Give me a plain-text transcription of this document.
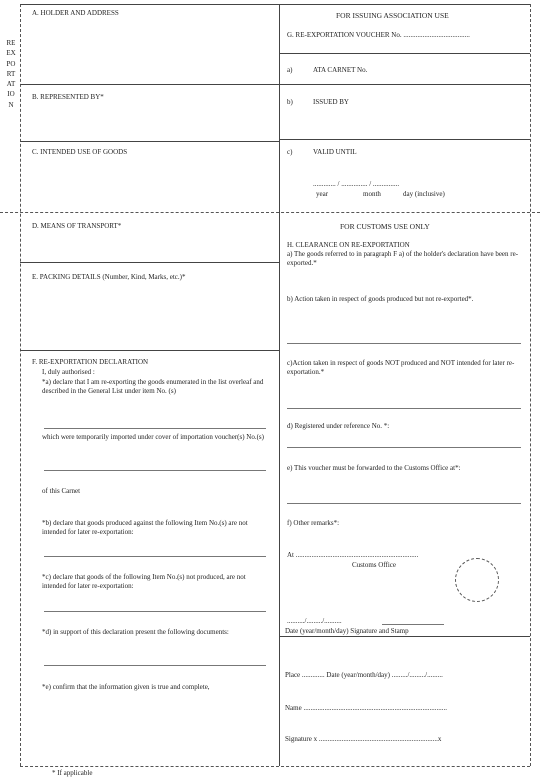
REEXPORTATION
A. HOLDER AND ADDRESS
B. REPRESENTED BY*
C. INTENDED USE OF GOODS
D. MEANS OF TRANSPORT*
E. PACKING DETAILS (Number, Kind, Marks, etc.)*
F. RE-EXPORTATION DECLARATION
I, duly authorised :
*a) declare that I am re-exporting the goods enumerated in the list overleaf and described in the General List under item No. (s)
which were temporarily imported under cover of importation voucher(s) No.(s)
of this Carnet
*b) declare that goods produced against the following Item No.(s) are not intended for later re-exportation:
*c) declare that goods of the following Item No.(s) not produced, are not intended for later re-exportation:
*d) in support of this declaration present the following documents:
*e) confirm that the information given is true and complete,
FOR ISSUING ASSOCIATION USE
G. RE-EXPORTATION VOUCHER No. ......................................
a)	ATA CARNET No.
b)	ISSUED BY
c)	VALID UNTIL
............. / ............... / ...............
year	month	day (inclusive)
FOR CUSTOMS USE ONLY
H. CLEARANCE ON RE-EXPORTATION
a) The goods referred to in paragraph F a) of the holder's declaration have been re-exported.*
b) Action taken in respect of goods produced but not re-exported*.
c)Action taken in respect of goods NOT produced and NOT intended for later re-exportation.*
d) Registered under reference No. *:
e) This voucher must be forwarded to the Customs Office at*:
f) Other remarks*:
At ......................................................................
Customs Office
........../........./..........
Date (year/month/day) Signature and Stamp
Place ............. Date (year/month/day) ........./........./.........
Name ..................................................................................
Signature x ....................................................................x
* If applicable
